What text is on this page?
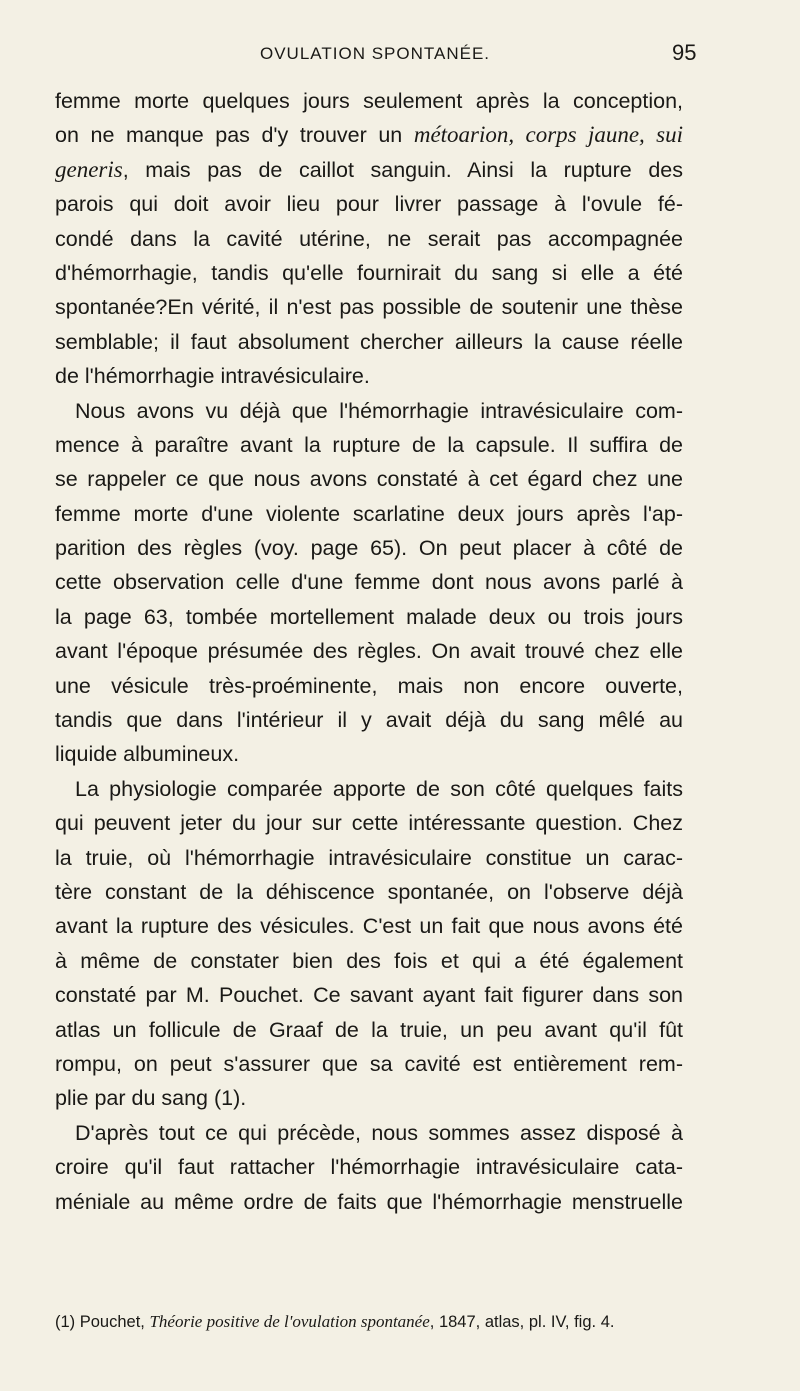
OVULATION SPONTANÉE.	95
femme morte quelques jours seulement après la conception,
on ne manque pas d'y trouver un métoarion, corps jaune, sui
generis, mais pas de caillot sanguin. Ainsi la rupture des
parois qui doit avoir lieu pour livrer passage à l'ovule fé-
condé dans la cavité utérine, ne serait pas accompagnée
d'hémorrhagie, tandis qu'elle fournirait du sang si elle a été
spontanée?En vérité, il n'est pas possible de soutenir une thèse
semblable; il faut absolument chercher ailleurs la cause réelle
de l'hémorrhagie intravésiculaire.
Nous avons vu déjà que l'hémorrhagie intravésiculaire com-
mence à paraître avant la rupture de la capsule. Il suffira de
se rappeler ce que nous avons constaté à cet égard chez une
femme morte d'une violente scarlatine deux jours après l'ap-
parition des règles (voy. page 65). On peut placer à côté de
cette observation celle d'une femme dont nous avons parlé à
la page 63, tombée mortellement malade deux ou trois jours
avant l'époque présumée des règles. On avait trouvé chez elle
une vésicule très-proéminente, mais non encore ouverte,
tandis que dans l'intérieur il y avait déjà du sang mêlé au
liquide albumineux.
La physiologie comparée apporte de son côté quelques faits
qui peuvent jeter du jour sur cette intéressante question. Chez
la truie, où l'hémorrhagie intravésiculaire constitue un carac-
tère constant de la déhiscence spontanée, on l'observe déjà
avant la rupture des vésicules. C'est un fait que nous avons été
à même de constater bien des fois et qui a été également
constaté par M. Pouchet. Ce savant ayant fait figurer dans son
atlas un follicule de Graaf de la truie, un peu avant qu'il fût
rompu, on peut s'assurer que sa cavité est entièrement rem-
plie par du sang (1).
D'après tout ce qui précède, nous sommes assez disposé à
croire qu'il faut rattacher l'hémorrhagie intravésiculaire cata-
méniale au même ordre de faits que l'hémorrhagie menstruelle
(1) Pouchet, Théorie positive de l'ovulation spontanée, 1847, atlas, pl. IV, fig. 4.
